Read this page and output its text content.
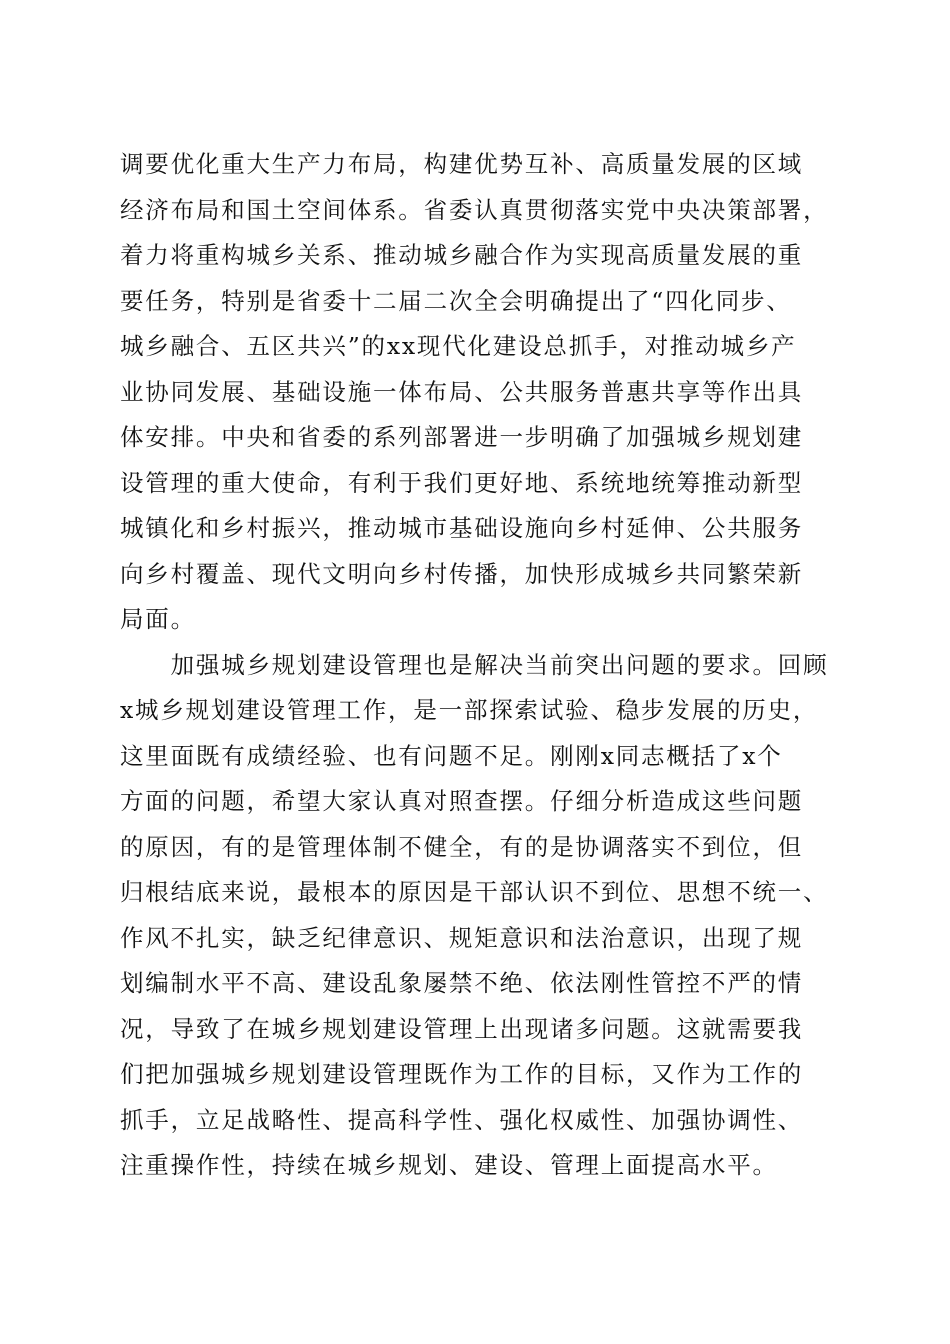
调要优化重大生产力布局，构建优势互补、高质量发展的区域
经济布局和国土空间体系。省委认真贯彻落实党中央决策部署，
着力将重构城乡关系、推动城乡融合作为实现高质量发展的重
要任务，特别是省委十二届二次全会明确提出了“四化同步、
城乡融合、五区共兴”的xx现代化建设总抓手，对推动城乡产
业协同发展、基础设施一体布局、公共服务普惠共享等作出具
体安排。中央和省委的系列部署进一步明确了加强城乡规划建
设管理的重大使命，有利于我们更好地、系统地统筹推动新型
城镇化和乡村振兴，推动城市基础设施向乡村延伸、公共服务
向乡村覆盖、现代文明向乡村传播，加快形成城乡共同繁荣新
局面。
　　加强城乡规划建设管理也是解决当前突出问题的要求。回顾
x城乡规划建设管理工作，是一部探索试验、稳步发展的历史，
这里面既有成绩经验、也有问题不足。刚刚x同志概括了x个
方面的问题，希望大家认真对照查摆。仔细分析造成这些问题
的原因，有的是管理体制不健全，有的是协调落实不到位，但
归根结底来说，最根本的原因是干部认识不到位、思想不统一、
作风不扎实，缺乏纪律意识、规矩意识和法治意识，出现了规
划编制水平不高、建设乱象屡禁不绝、依法刚性管控不严的情
况，导致了在城乡规划建设管理上出现诸多问题。这就需要我
们把加强城乡规划建设管理既作为工作的目标，又作为工作的
抓手，立足战略性、提高科学性、强化权威性、加强协调性、
注重操作性，持续在城乡规划、建设、管理上面提高水平。
